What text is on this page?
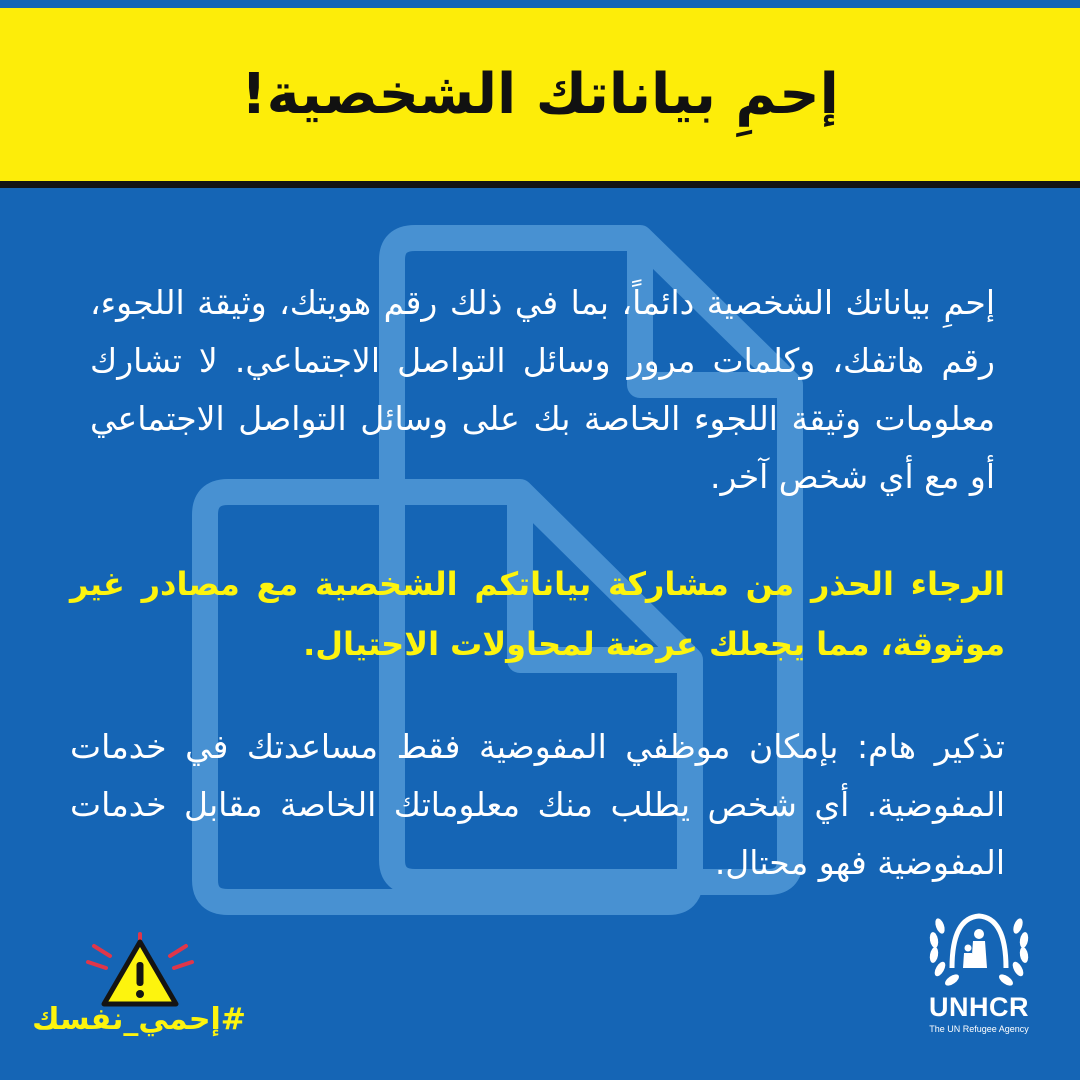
إحمِ بياناتك الشخصية!

إحمِ بياناتك الشخصية دائماً، بما في ذلك رقم هويتك، وثيقة اللجوء، رقم هاتفك، وكلمات مرور وسائل التواصل الاجتماعي. لا تشارك معلومات وثيقة اللجوء الخاصة بك على وسائل التواصل الاجتماعي أو مع أي شخص آخر.

الرجاء الحذر من مشاركة بياناتكم الشخصية مع مصادر غير موثوقة، مما يجعلك عرضة لمحاولات الاحتيال.

تذكير هام: بإمكان موظفي المفوضية فقط مساعدتك في خدمات المفوضية. أي شخص يطلب منك معلوماتك الخاصة مقابل خدمات المفوضية فهو محتال.

#إحمي_نفسك	UNHCR
The UN Refugee Agency
